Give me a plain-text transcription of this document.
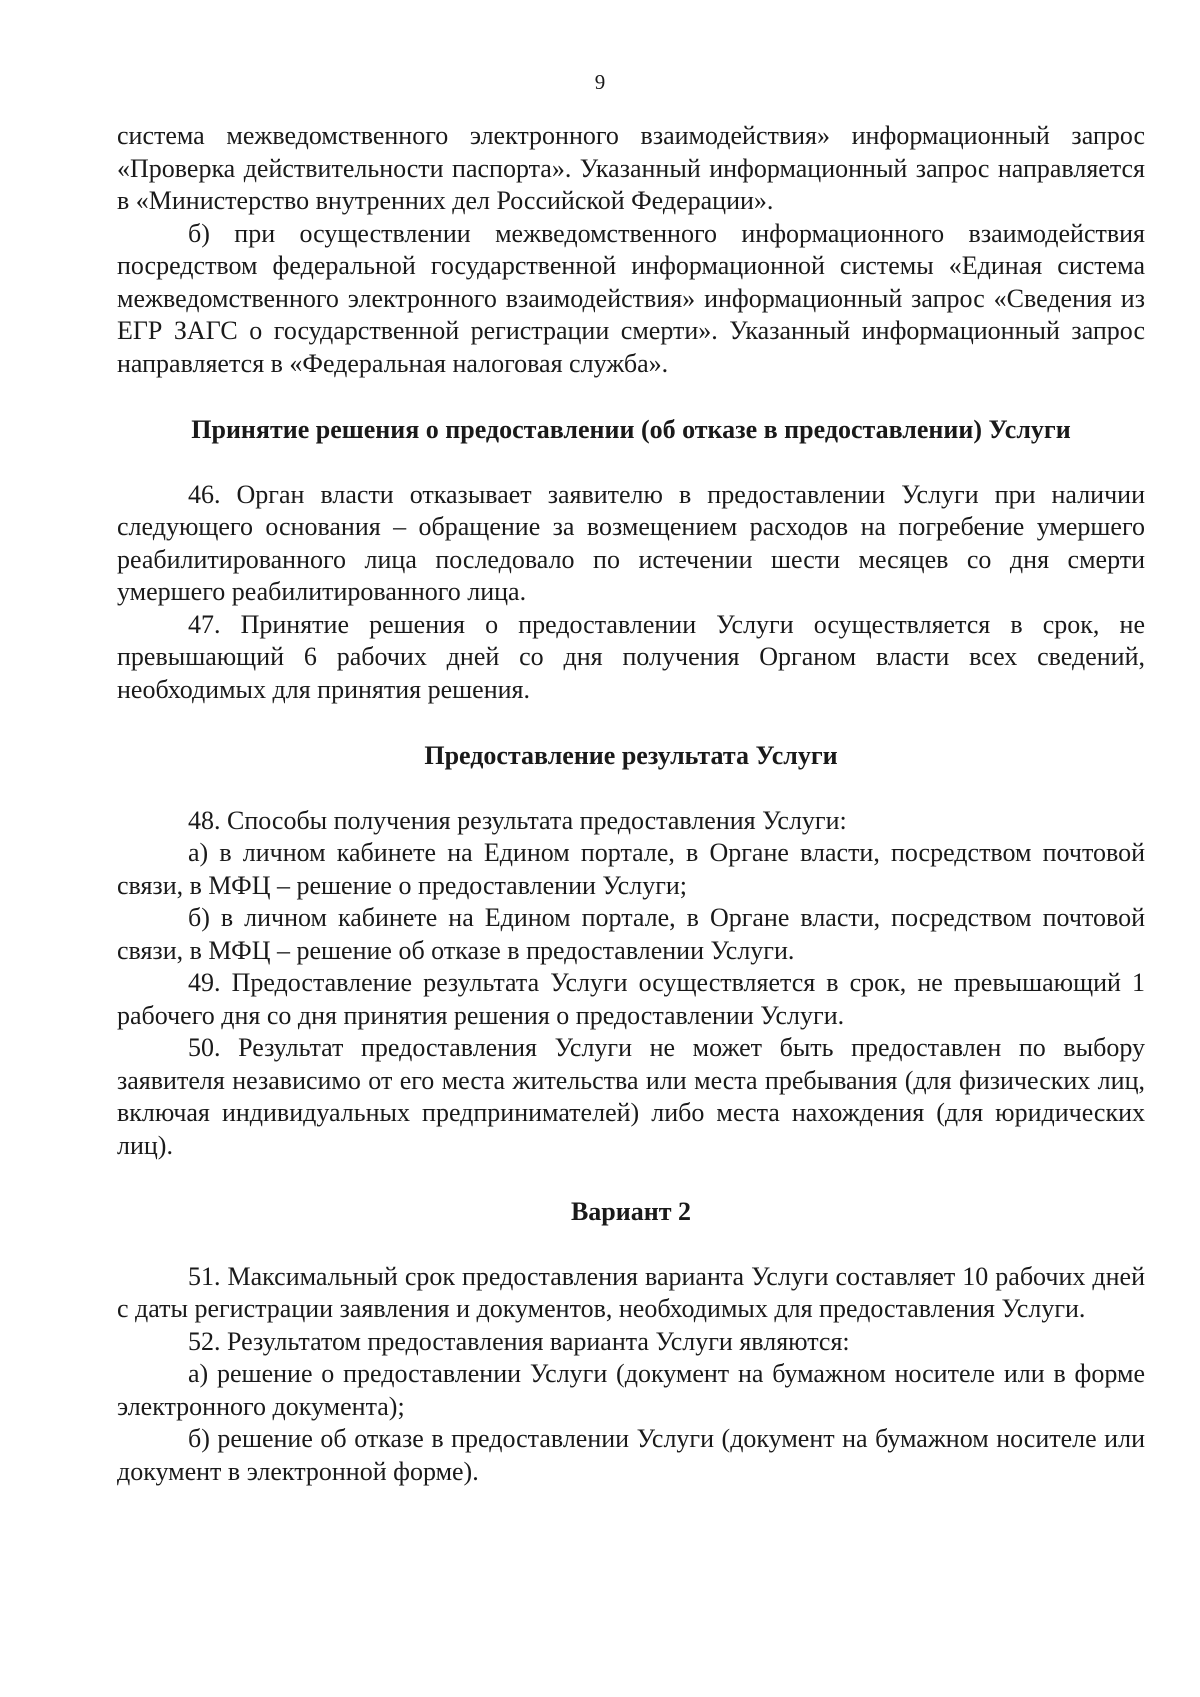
9

система межведомственного электронного взаимодействия» информационный запрос «Проверка действительности паспорта». Указанный информационный запрос направляется в «Министерство внутренних дел Российской Федерации».

б) при осуществлении межведомственного информационного взаимодействия посредством федеральной государственной информационной системы «Единая система межведомственного электронного взаимодействия» информационный запрос «Сведения из ЕГР ЗАГС о государственной регистрации смерти». Указанный информационный запрос направляется в «Федеральная налоговая служба».

Принятие решения о предоставлении (об отказе в предоставлении) Услуги

46. Орган власти отказывает заявителю в предоставлении Услуги при наличии следующего основания – обращение за возмещением расходов на погребение умершего реабилитированного лица последовало по истечении шести месяцев со дня смерти умершего реабилитированного лица.

47. Принятие решения о предоставлении Услуги осуществляется в срок, не превышающий 6 рабочих дней со дня получения Органом власти всех сведений, необходимых для принятия решения.

Предоставление результата Услуги

48. Способы получения результата предоставления Услуги:

а) в личном кабинете на Едином портале, в Органе власти, посредством почтовой связи, в МФЦ – решение о предоставлении Услуги;

б) в личном кабинете на Едином портале, в Органе власти, посредством почтовой связи, в МФЦ – решение об отказе в предоставлении Услуги.

49. Предоставление результата Услуги осуществляется в срок, не превышающий 1 рабочего дня со дня принятия решения о предоставлении Услуги.

50. Результат предоставления Услуги не может быть предоставлен по выбору заявителя независимо от его места жительства или места пребывания (для физических лиц, включая индивидуальных предпринимателей) либо места нахождения (для юридических лиц).

Вариант 2

51. Максимальный срок предоставления варианта Услуги составляет 10 рабочих дней с даты регистрации заявления и документов, необходимых для предоставления Услуги.

52. Результатом предоставления варианта Услуги являются:

а) решение о предоставлении Услуги (документ на бумажном носителе или в форме электронного документа);

б) решение об отказе в предоставлении Услуги (документ на бумажном носителе или документ в электронной форме).
